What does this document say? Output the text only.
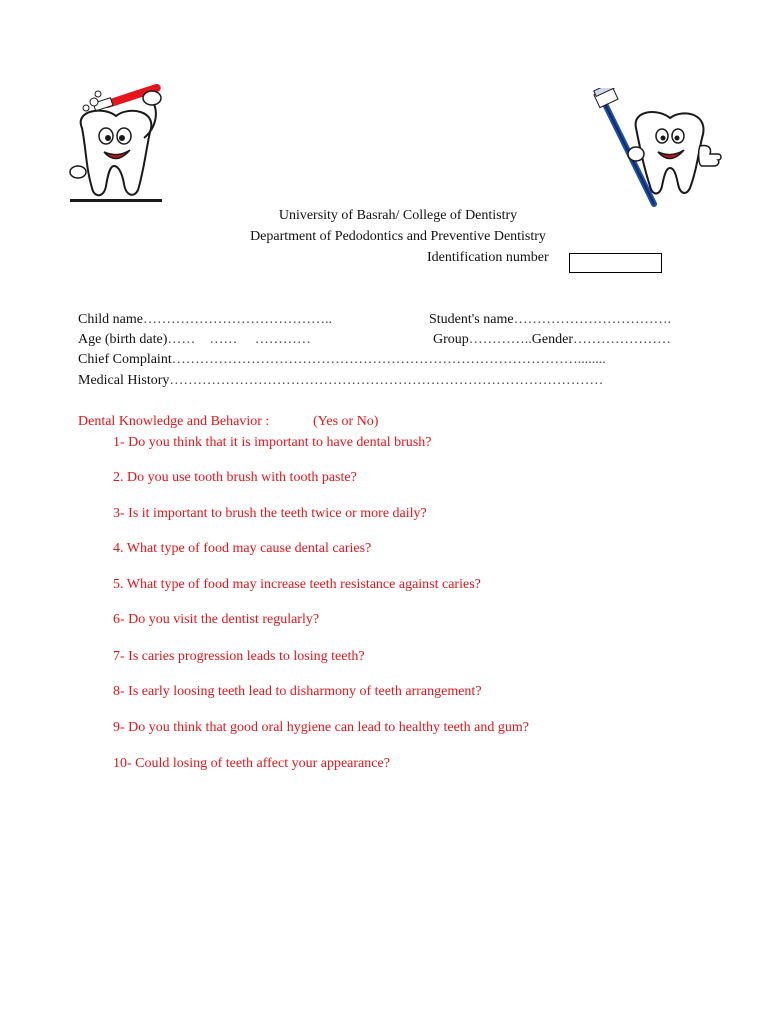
University of Basrah/ College of Dentistry
Department of Pedodontics and Preventive Dentistry
Identification number
Child name…………………………………..	Student's name…………………………….
Age (birth date)……    ……     …………	Group…………..Gender…………………
Chief Complaint……………………………………………………………………………........
Medical History…………………………………………………………………………………
Dental Knowledge and Behavior :	(Yes or No)
1- Do you think that it is important to have dental brush?
2. Do you use tooth brush with tooth paste?
3- Is it important to brush the teeth twice or more daily?
4. What type of food may cause dental caries?
5. What type of food may increase teeth resistance against caries?
6- Do you visit the dentist regularly?
7- Is caries progression leads to losing teeth?
8- Is early loosing teeth lead to disharmony of teeth arrangement?
9- Do you think that good oral hygiene can lead to healthy teeth and gum?
10- Could losing of teeth affect your appearance?
